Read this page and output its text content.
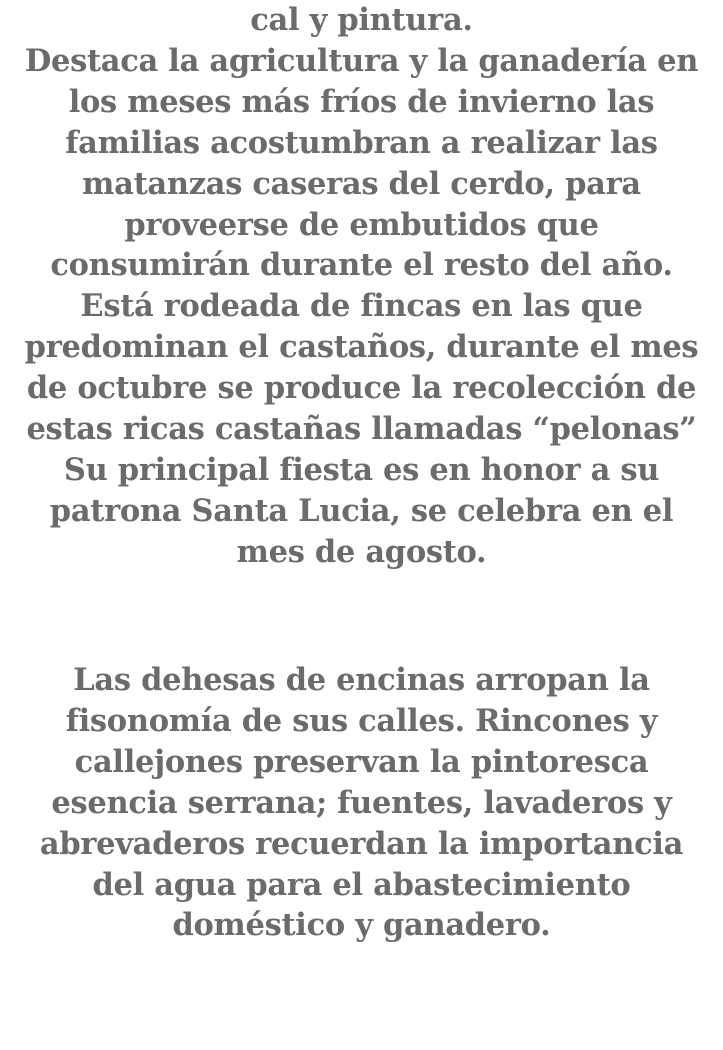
cal y pintura.
Destaca la agricultura y la ganadería en
los meses más fríos de invierno las
familias acostumbran a realizar las
matanzas caseras del cerdo, para
proveerse de embutidos que
consumirán durante el resto del año.
Está rodeada de fincas en las que
predominan el castaños, durante el mes
de octubre se produce la recolección de
estas ricas castañas llamadas “pelonas”
Su principal fiesta es en honor a su
patrona Santa Lucia, se celebra en el
mes de agosto.
Las dehesas de encinas arropan la
fisonomía de sus calles. Rincones y
callejones preservan la pintoresca
esencia serrana; fuentes, lavaderos y
abrevaderos recuerdan la importancia
del agua para el abastecimiento
doméstico y ganadero.
